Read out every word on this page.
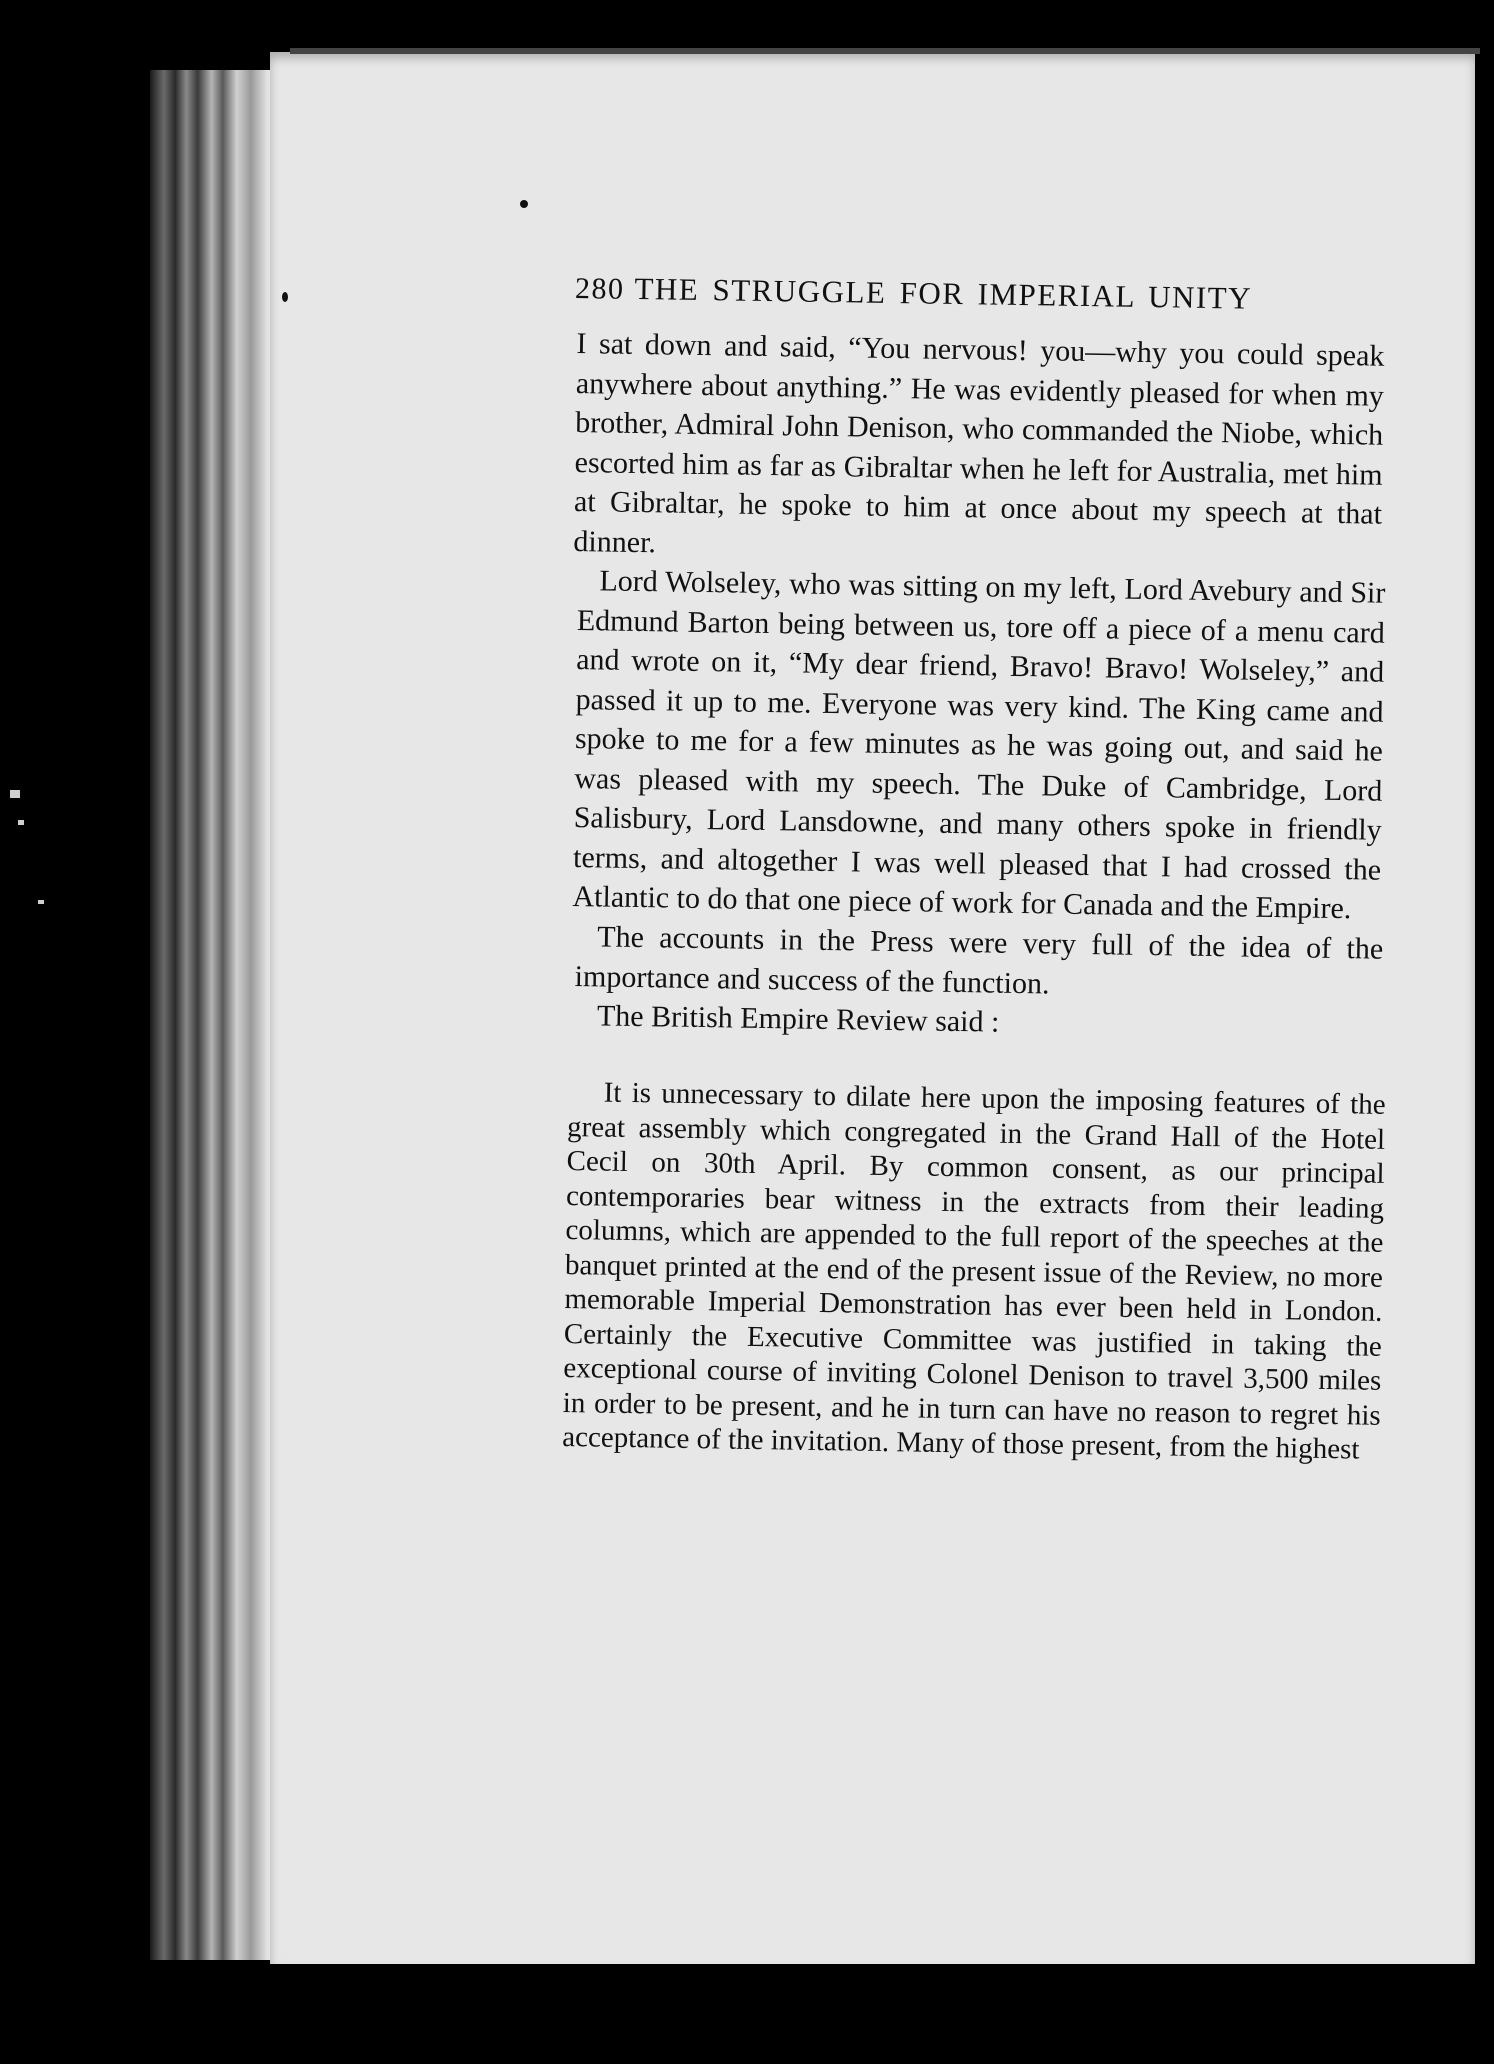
280 THE STRUGGLE FOR IMPERIAL UNITY

I sat down and said, “You nervous! you—why you could speak anywhere about anything.” He was evidently pleased for when my brother, Admiral John Denison, who commanded the Niobe, which escorted him as far as Gibraltar when he left for Australia, met him at Gibraltar, he spoke to him at once about my speech at that dinner.

Lord Wolseley, who was sitting on my left, Lord Avebury and Sir Edmund Barton being between us, tore off a piece of a menu card and wrote on it, “My dear friend, Bravo! Bravo! Wolseley,” and passed it up to me. Everyone was very kind. The King came and spoke to me for a few minutes as he was going out, and said he was pleased with my speech. The Duke of Cambridge, Lord Salisbury, Lord Lansdowne, and many others spoke in friendly terms, and altogether I was well pleased that I had crossed the Atlantic to do that one piece of work for Canada and the Empire.

The accounts in the Press were very full of the idea of the importance and success of the function.

The British Empire Review said :

It is unnecessary to dilate here upon the imposing features of the great assembly which congregated in the Grand Hall of the Hotel Cecil on 30th April. By common consent, as our principal contemporaries bear witness in the extracts from their leading columns, which are appended to the full report of the speeches at the banquet printed at the end of the present issue of the Review, no more memorable Imperial Demonstration has ever been held in London. Certainly the Executive Committee was justified in taking the exceptional course of inviting Colonel Denison to travel 3,500 miles in order to be present, and he in turn can have no reason to regret his acceptance of the invitation. Many of those present, from the highest
